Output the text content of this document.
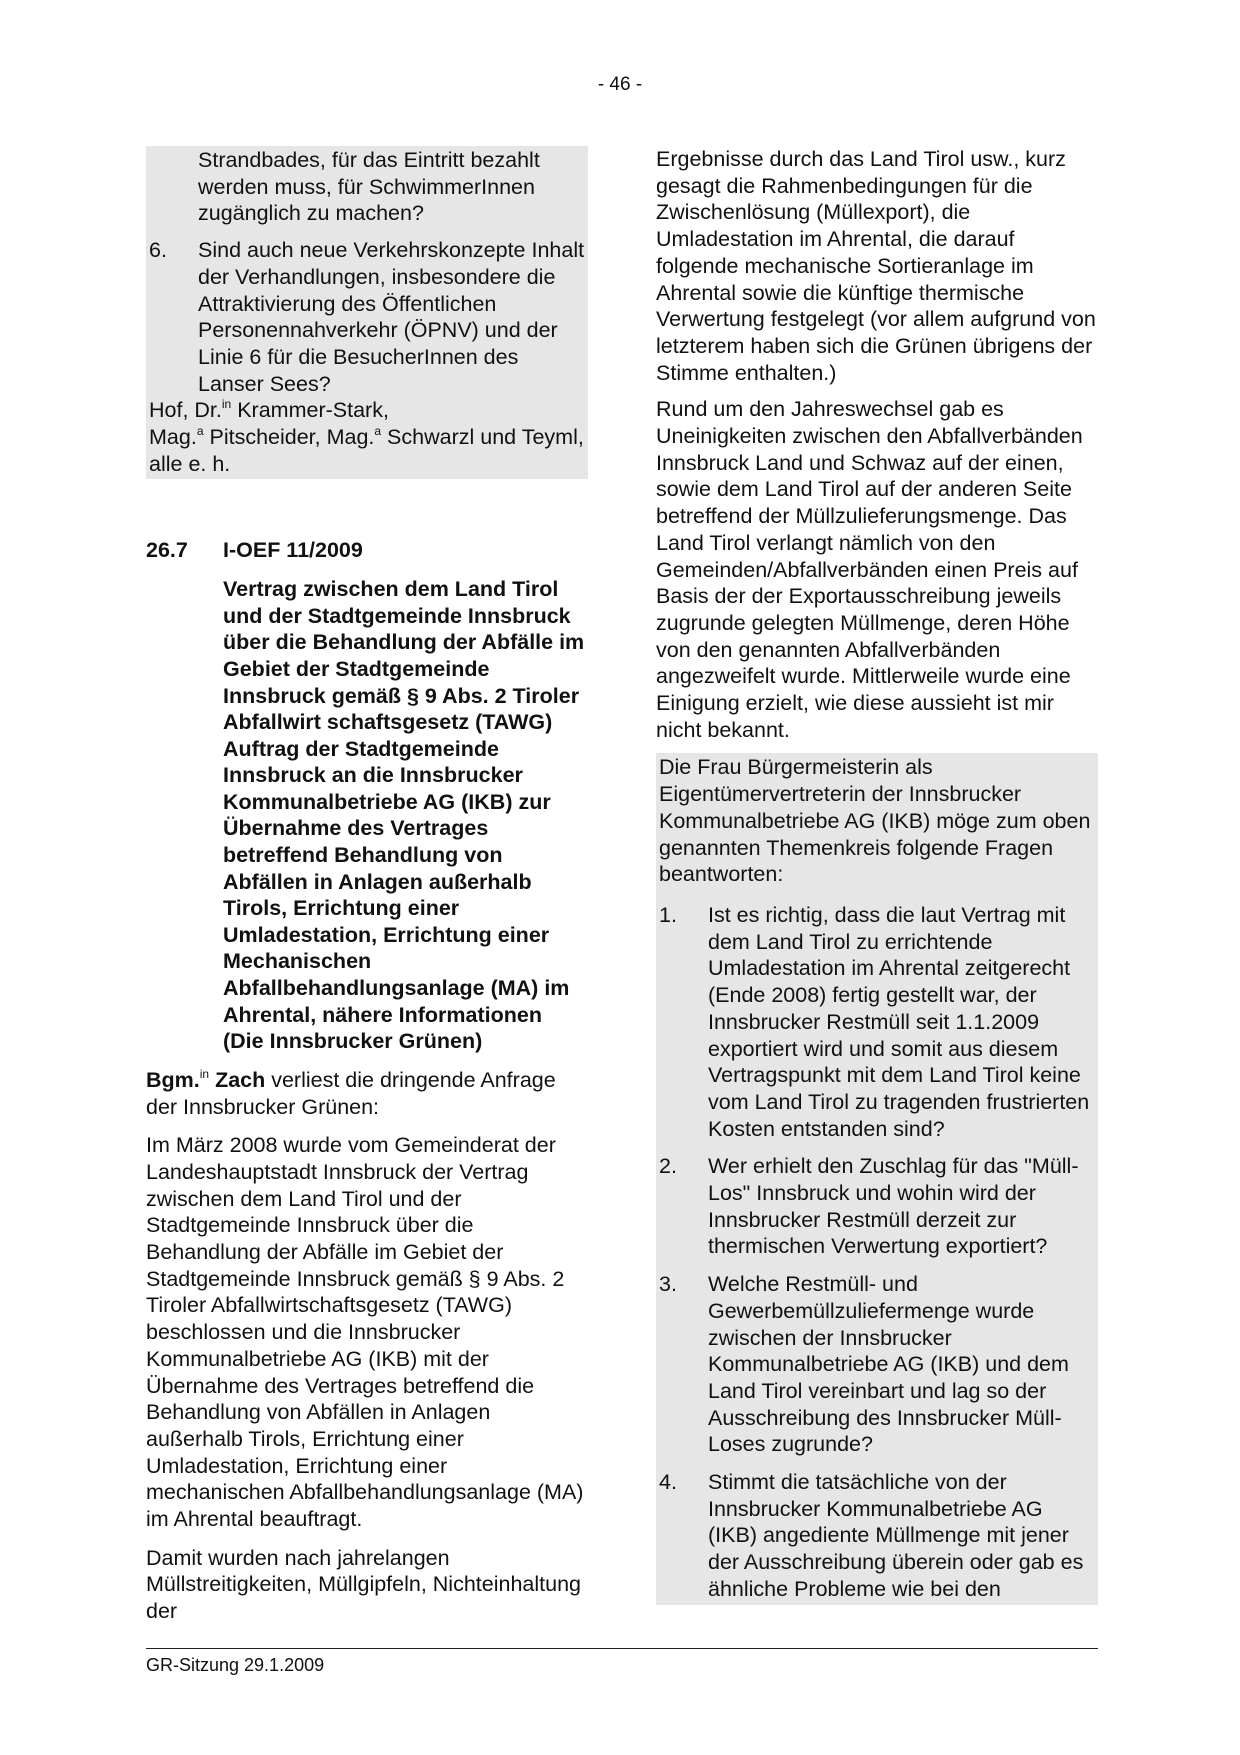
- 46 -
Strandbades, für das Eintritt bezahlt werden muss, für SchwimmerInnen zugänglich zu machen?
6.	Sind auch neue Verkehrskonzepte Inhalt der Verhandlungen, insbesondere die Attraktivierung des Öffentlichen Personennahverkehr (ÖPNV) und der Linie 6 für die BesucherInnen des Lanser Sees?

Hof, Dr.$^{in}$ Krammer-Stark,
Mag.$^a$ Pitscheider, Mag.$^a$ Schwarzl und Teyml, alle e. h.

26.7	I-OEF 11/2009
Vertrag zwischen dem Land Tirol und der Stadtgemeinde Innsbruck über die Behandlung der Abfälle im Gebiet der Stadtgemeinde Innsbruck gemäß § 9 Abs. 2 Tiroler Abfallwirt schaftsgesetz (TAWG)
Auftrag der Stadtgemeinde Innsbruck an die Innsbrucker Kommunalbetriebe AG (IKB) zur Übernahme des Vertrages betreffend Behandlung von Abfällen in Anlagen außerhalb Tirols, Errichtung einer Umladestation, Errichtung einer Mechanischen Abfallbehandlungsanlage (MA) im Ahrental, nähere Informationen (Die Innsbrucker Grünen)

Bgm.$^{in}$ Zach verliest die dringende Anfrage der Innsbrucker Grünen:

Im März 2008 wurde vom Gemeinderat der Landeshauptstadt Innsbruck der Vertrag zwischen dem Land Tirol und der Stadtgemeinde Innsbruck über die Behandlung der Abfälle im Gebiet der Stadtgemeinde Innsbruck gemäß § 9 Abs. 2 Tiroler Abfallwirtschaftsgesetz (TAWG) beschlossen und die Innsbrucker Kommunalbetriebe AG (IKB) mit der Übernahme des Vertrages betreffend die Behandlung von Abfällen in Anlagen außerhalb Tirols, Errichtung einer Umladestation, Errichtung einer mechanischen Abfallbehandlungsanlage (MA) im Ahrental beauftragt.

Damit wurden nach jahrelangen Müllstreitigkeiten, Müllgipfeln, Nichteinhaltung der

Ergebnisse durch das Land Tirol usw., kurz gesagt die Rahmenbedingungen für die Zwischenlösung (Müllexport), die Umladestation im Ahrental, die darauf folgende mechanische Sortieranlage im Ahrental sowie die künftige thermische Verwertung festgelegt (vor allem aufgrund von letzterem haben sich die Grünen übrigens der Stimme enthalten.)

Rund um den Jahreswechsel gab es Uneinigkeiten zwischen den Abfallverbänden Innsbruck Land und Schwaz auf der einen, sowie dem Land Tirol auf der anderen Seite betreffend der Müllzulieferungsmenge. Das Land Tirol verlangt nämlich von den Gemeinden/Abfallverbänden einen Preis auf Basis der der Exportausschreibung jeweils zugrunde gelegten Müllmenge, deren Höhe von den genannten Abfallverbänden angezweifelt wurde. Mittlerweile wurde eine Einigung erzielt, wie diese aussieht ist mir nicht bekannt.

Die Frau Bürgermeisterin als Eigentümervertreterin der Innsbrucker Kommunalbetriebe AG (IKB) möge zum oben genannten Themenkreis folgende Fragen beantworten:

1.	Ist es richtig, dass die laut Vertrag mit dem Land Tirol zu errichtende Umladestation im Ahrental zeitgerecht (Ende 2008) fertig gestellt war, der Innsbrucker Restmüll seit 1.1.2009 exportiert wird und somit aus diesem Vertragspunkt mit dem Land Tirol keine vom Land Tirol zu tragenden frustrierten Kosten entstanden sind?
2.	Wer erhielt den Zuschlag für das "Müll-Los" Innsbruck und wohin wird der Innsbrucker Restmüll derzeit zur thermischen Verwertung exportiert?
3.	Welche Restmüll- und Gewerbemüllzuliefermenge wurde zwischen der Innsbrucker Kommunalbetriebe AG (IKB) und dem Land Tirol vereinbart und lag so der Ausschreibung des Innsbrucker Müll-Loses zugrunde?
4.	Stimmt die tatsächliche von der Innsbrucker Kommunalbetriebe AG (IKB) angediente Müllmenge mit jener der Ausschreibung überein oder gab es ähnliche Probleme wie bei den
GR-Sitzung 29.1.2009
